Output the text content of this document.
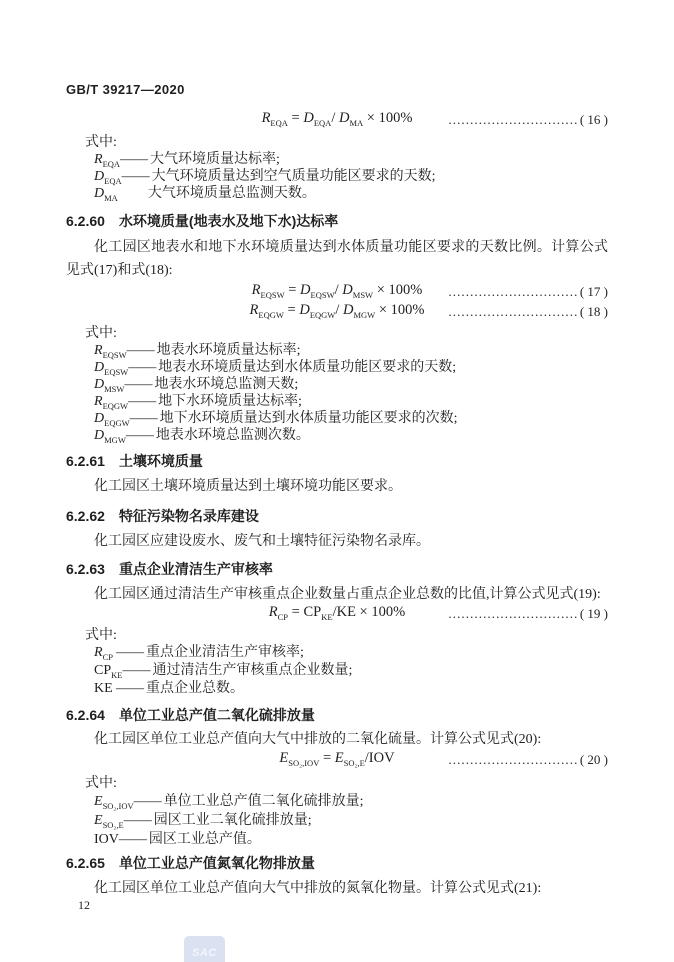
GB/T 39217—2020
$R_{EQA} = D_{EQA}/$ $D_{MA} \times 100\%$	………………………… ( 16 )
式中:
$R_{EQA}——$ 大气环境质量达标率;
$D_{EQA}——$ 大气环境质量达到空气质量功能区要求的天数;
$D_{MA}$ 大气环境质量总监测天数。
6.2.60 水环境质量(地表水及地下水)达标率

化工园区地表水和地下水环境质量达到水体质量功能区要求的天数比例。计算公式见式(17)和式(18):

$R_{EQSW} = D_{EQSW}/$ $D_{MSW} \times 100\%$ ………………………… ( 17 )
$R_{EQGW} = D_{EQGW}/$ $D_{MGW} \times 100\%$ ………………………… ( 18 )
式中:
$R_{EQSW}——$ 地表水环境质量达标率;
$D_{EQSW}——$ 地表水环境质量达到水体质量功能区要求的天数;
$D_{MSW}——$ 地表水环境总监测天数;
$R_{EQGW}——$ 地下水环境质量达标率;
$D_{EQGW}——$ 地下水环境质量达到水体质量功能区要求的次数;
$D_{MGW}——$ 地表水环境总监测次数。
6.2.61 土壤环境质量

化工园区土壤环境质量达到土壤环境功能区要求。

6.2.62 特征污染物名录库建设

化工园区应建设废水、废气和土壤特征污染物名录库。

6.2.63 重点企业清洁生产审核率

化工园区通过清洁生产审核重点企业数量占重点企业总数的比值,计算公式见式(19):

$R_{CP} = CP_{KE}/KE \times 100\%$	………………………… ( 19 )
式中:
$R_{CP}$ —— 重点企业清洁生产审核率;
$CP_{KE}——$ 通过清洁生产审核重点企业数量;
KE —— 重点企业总数。
6.2.64 单位工业总产值二氧化硫排放量

化工园区单位工业总产值向大气中排放的二氧化硫量。计算公式见式(20):

$E_{SO_2,IOV} = E_{SO_2,E}/IOV$	………………………… ( 20 )
式中:
$E_{SO_2,IOV}——$ 单位工业总产值二氧化硫排放量;
$E_{SO_2,E}——$ 园区工业二氧化硫排放量;
IOV—— 园区工业总产值。
6.2.65 单位工业总产值氮氧化物排放量

化工园区单位工业总产值向大气中排放的氮氧化物量。计算公式见式(21):

12
SAC
